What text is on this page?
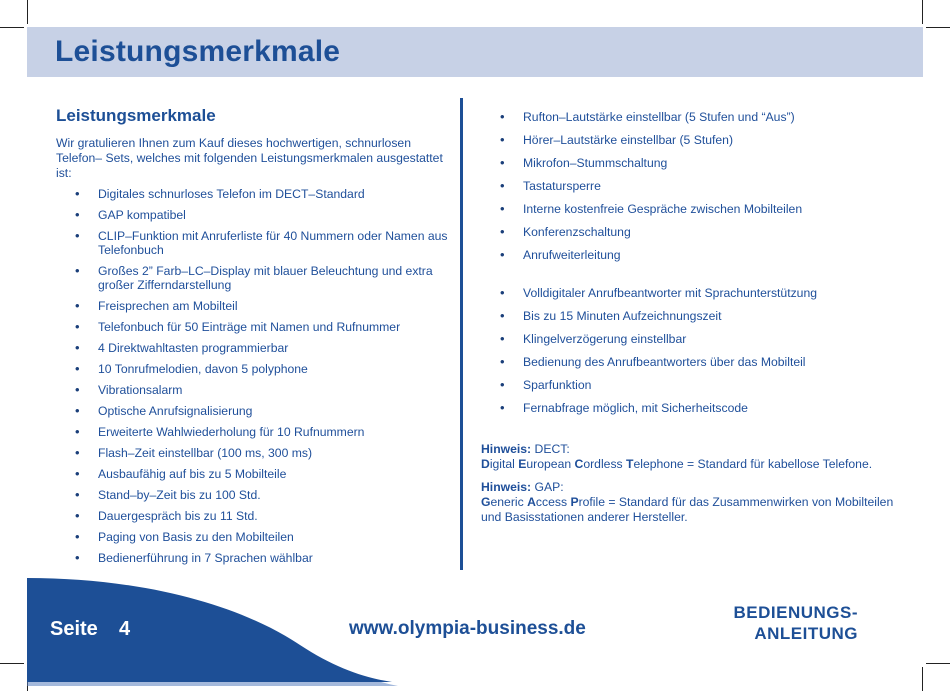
Leistungsmerkmale
Leistungsmerkmale

Wir gratulieren Ihnen zum Kauf dieses hochwertigen, schnurlosen Telefon– Sets, welches mit folgenden Leistungsmerkmalen ausgestattet ist:

• Digitales schnurloses Telefon im DECT–Standard
• GAP kompatibel
• CLIP–Funktion mit Anruferliste für 40 Nummern oder Namen aus Telefonbuch
• Großes 2” Farb–LC–Display mit blauer Beleuchtung und extra großer Zifferndarstellung
• Freisprechen am Mobilteil
• Telefonbuch für 50 Einträge mit Namen und Rufnummer
• 4 Direktwahltasten programmierbar
• 10 Tonrufmelodien, davon 5 polyphone
• Vibrationsalarm
• Optische Anrufsignalisierung
• Erweiterte Wahlwiederholung für 10 Rufnummern
• Flash–Zeit einstellbar (100 ms, 300 ms)
• Ausbaufähig auf bis zu 5 Mobilteile
• Stand–by–Zeit bis zu 100 Std.
• Dauergespräch bis zu 11 Std.
• Paging von Basis zu den Mobilteilen
• Bedienerführung in 7 Sprachen wählbar
• Rufton–Lautstärke einstellbar (5 Stufen und “Aus”)
• Hörer–Lautstärke einstellbar (5 Stufen)
• Mikrofon–Stummschaltung
• Tastatursperre
• Interne kostenfreie Gespräche zwischen Mobilteilen
• Konferenzschaltung
• Anrufweiterleitung
• Volldigitaler Anrufbeantworter mit Sprachunterstützung
• Bis zu 15 Minuten Aufzeichnungszeit
• Klingelverzögerung einstellbar
• Bedienung des Anrufbeantworters über das Mobilteil
• Sparfunktion
• Fernabfrage möglich, mit Sicherheitscode

Hinweis: DECT:
Digital European Cordless Telephone = Standard für kabellose Telefone.

Hinweis: GAP:
Generic Access Profile = Standard für das Zusammenwirken von Mobilteilen und Basisstationen anderer Hersteller.

Seite 4	www.olympia-business.de
BEDIENUNGS-
ANLEITUNG
